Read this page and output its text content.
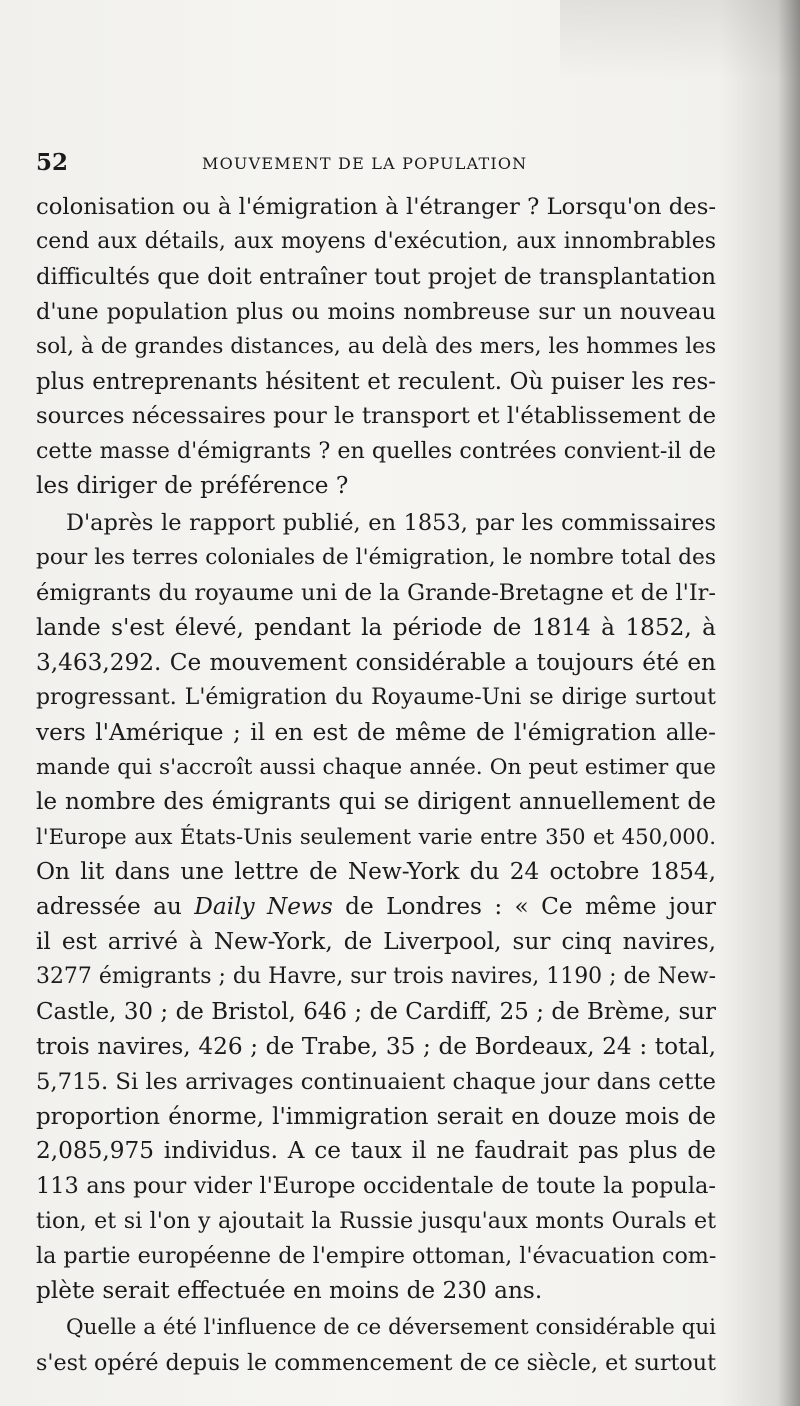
52	MOUVEMENT DE LA POPULATION
colonisation ou à l'émigration à l'étranger ? Lorsqu'on des-
cend aux détails, aux moyens d'exécution, aux innombrables
difficultés que doit entraîner tout projet de transplantation
d'une population plus ou moins nombreuse sur un nouveau
sol, à de grandes distances, au delà des mers, les hommes les
plus entreprenants hésitent et reculent. Où puiser les res-
sources nécessaires pour le transport et l'établissement de
cette masse d'émigrants ? en quelles contrées convient-il de
les diriger de préférence ?
D'après le rapport publié, en 1853, par les commissaires
pour les terres coloniales de l'émigration, le nombre total des
émigrants du royaume uni de la Grande-Bretagne et de l'Ir-
lande s'est élevé, pendant la période de 1814 à 1852, à
3,463,292. Ce mouvement considérable a toujours été en
progressant. L'émigration du Royaume-Uni se dirige surtout
vers l'Amérique ; il en est de même de l'émigration alle-
mande qui s'accroît aussi chaque année. On peut estimer que
le nombre des émigrants qui se dirigent annuellement de
l'Europe aux États-Unis seulement varie entre 350 et 450,000.
On lit dans une lettre de New-York du 24 octobre 1854,
adressée au Daily News de Londres : « Ce même jour
il est arrivé à New-York, de Liverpool, sur cinq navires,
3277 émigrants ; du Havre, sur trois navires, 1190 ; de New-
Castle, 30 ; de Bristol, 646 ; de Cardiff, 25 ; de Brème, sur
trois navires, 426 ; de Trabe, 35 ; de Bordeaux, 24 : total,
5,715. Si les arrivages continuaient chaque jour dans cette
proportion énorme, l'immigration serait en douze mois de
2,085,975 individus. A ce taux il ne faudrait pas plus de
113 ans pour vider l'Europe occidentale de toute la popula-
tion, et si l'on y ajoutait la Russie jusqu'aux monts Ourals et
la partie européenne de l'empire ottoman, l'évacuation com-
plète serait effectuée en moins de 230 ans.
Quelle a été l'influence de ce déversement considérable qui
s'est opéré depuis le commencement de ce siècle, et surtout
